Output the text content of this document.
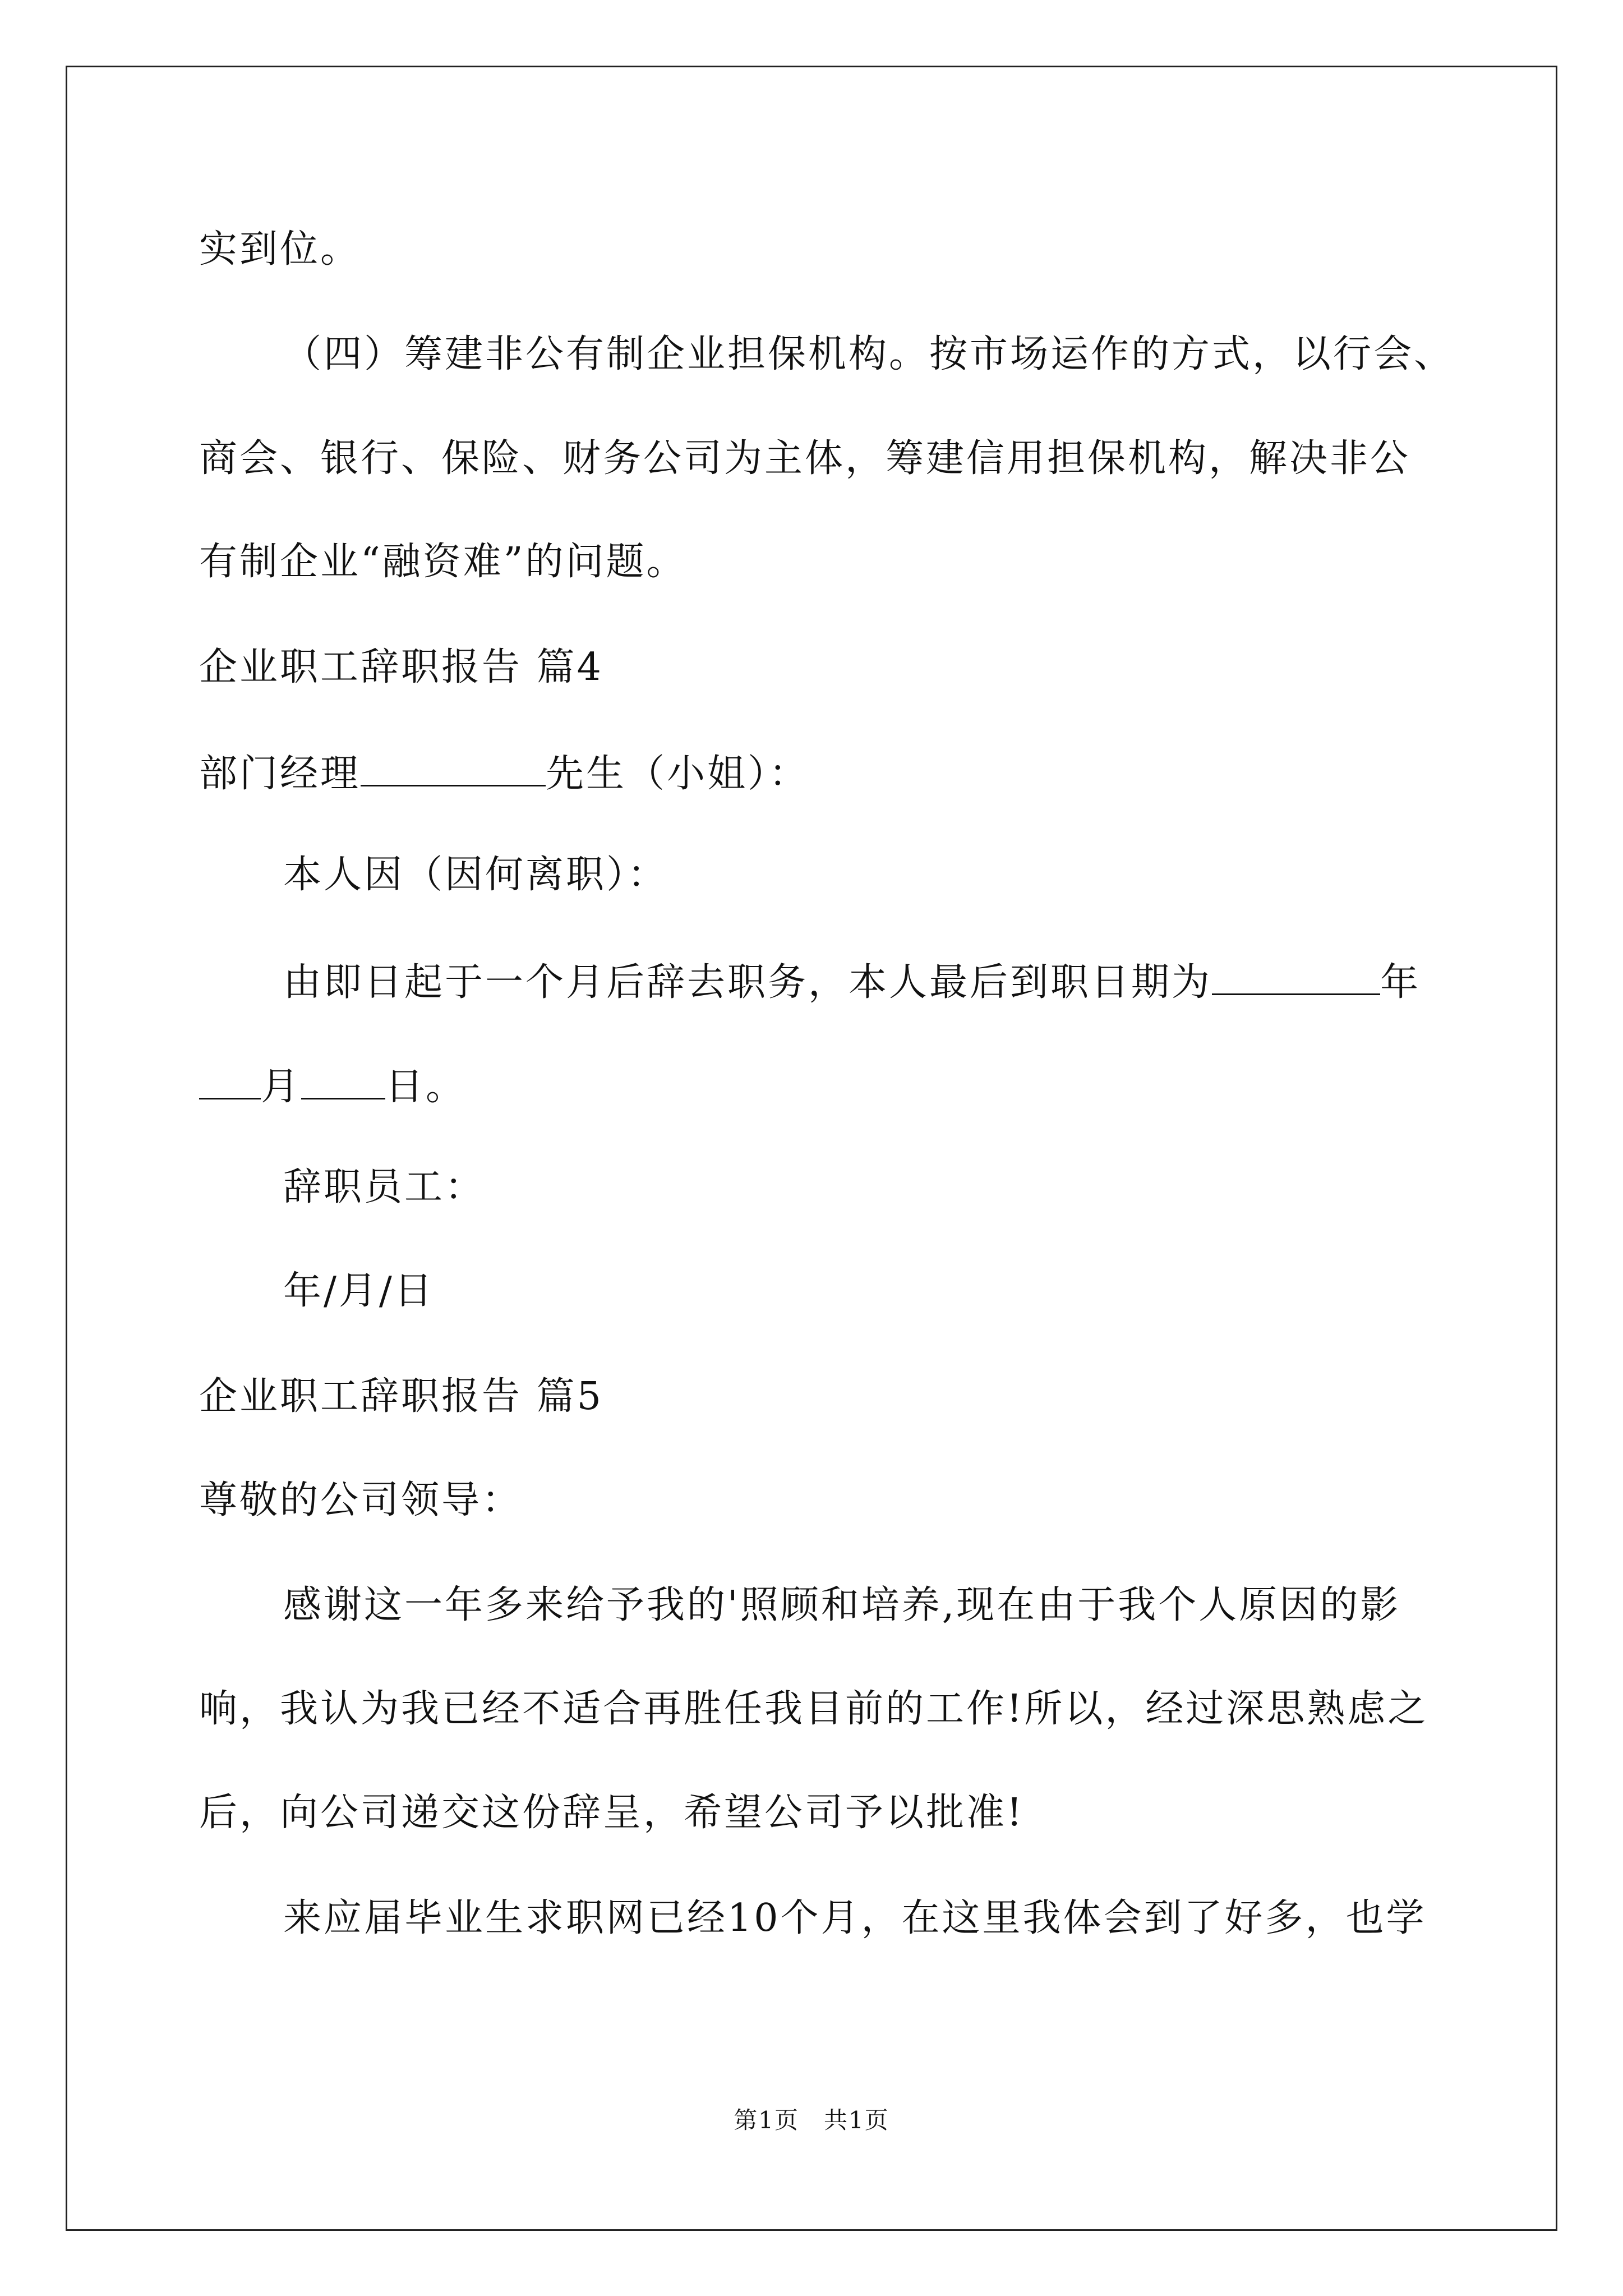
实到位。
（四）筹建非公有制企业担保机构。按市场运作的方式，以行会、
商会、银行、保险、财务公司为主体，筹建信用担保机构，解决非公
有制企业“融资难”的问题。
企业职工辞职报告 篇4
部门经理	先生（小姐）：
本人因（因何离职）：
由即日起于一个月后辞去职务，本人最后到职日期为	年
月 日。
辞职员工：
年/月/日
企业职工辞职报告 篇5
尊敬的公司领导：
感谢这一年多来给予我的'照顾和培养,现在由于我个人原因的影
响，我认为我已经不适合再胜任我目前的工作!所以，经过深思熟虑之
后，向公司递交这份辞呈，希望公司予以批准!
来应届毕业生求职网已经10个月，在这里我体会到了好多，也学
第1页　共1页
